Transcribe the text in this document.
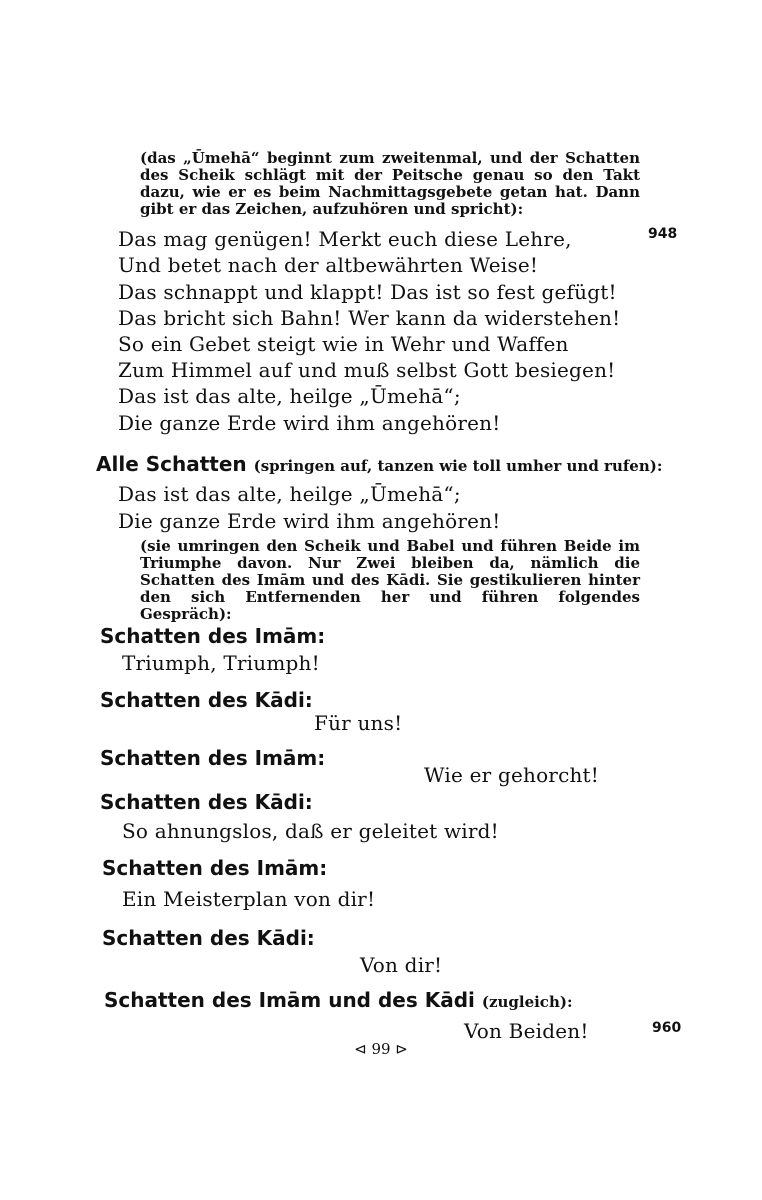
(das „Ūmehā“ beginnt zum zweitenmal, und der Schatten des Scheik schlägt mit der Peitsche genau so den Takt dazu, wie er es beim Nachmittagsgebete getan hat. Dann gibt er das Zeichen, aufzuhören und spricht):
Das mag genügen! Merkt euch diese Lehre,	948
Und betet nach der altbewährten Weise!
Das schnappt und klappt! Das ist so fest gefügt!
Das bricht sich Bahn! Wer kann da widerstehen!
So ein Gebet steigt wie in Wehr und Waffen
Zum Himmel auf und muß selbst Gott besiegen!
Das ist das alte, heilge „Ūmehā“;
Die ganze Erde wird ihm angehören!
Alle Schatten (springen auf, tanzen wie toll umher und rufen):
Das ist das alte, heilge „Ūmehā“;
Die ganze Erde wird ihm angehören!
(sie umringen den Scheik und Babel und führen Beide im Triumphe davon. Nur Zwei bleiben da, nämlich die Schatten des Imām und des Kādi. Sie gestikulieren hinter den sich Entfernenden her und führen folgendes Gespräch):
Schatten des Imām:
Triumph, Triumph!
Schatten des Kādi:
Für uns!
Schatten des Imām:
Wie er gehorcht!
Schatten des Kādi:
So ahnungslos, daß er geleitet wird!
Schatten des Imām:
Ein Meisterplan von dir!
Schatten des Kādi:
Von dir!
Schatten des Imām und des Kādi (zugleich):
Von Beiden!	960
⊲ 99 ⊳
